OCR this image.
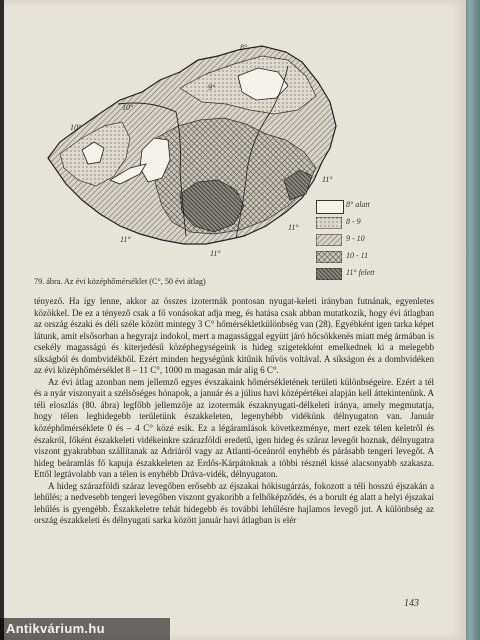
8°
10°
10°
9°
11°
11°
11°
11°
8° alatt
8 - 9
9 - 10
10 - 11
11° felett
79. ábra. Az évi középhőmérséklet (C°, 50 évi átlag)

tényező. Ha így lenne, akkor az összes izotermák pontosan nyugat-keleti irányban futnának, egyenletes közökkel. De ez a tényező csak a fő vonásokat adja meg, és hatása csak abban mutatkozik, hogy évi átlagban az ország északi és déli széle között mintegy 3 C° hőmérsékletkülönbség van (28). Egyébként igen tarka képet látunk, amit elsősorban a hegyrajz indokol, mert a magassággal együtt járó hőcsökkenés miatt még ármában is csekély magasságú és kiterjedésű középhegységeink is hideg szigetekként emelkednek ki a melegebb síkságból és dombvidékből. Ezért minden hegységünk kitűnik hűvös voltával. A síkságon és a dombvidéken az évi középhőmérséklet 8 – 11 C°, 1000 m magasan már alig 6 C°.

Az évi átlag azonban nem jellemző egyes évszakaink hőmérsékletének területi különbségeire. Ezért a tél és a nyár viszonyait a szélsőséges hónapok, a január és a július havi középértékei alapján kell áttekintenünk. A téli eloszlás (80. ábra) legfőbb jellemzője az izotermák északnyugati-délkeleti iránya, amely megmutatja, hogy télen leghidegebb területünk északkeleten, legenyhébb vidékünk délnyugaton van. Január középhőmérséklete 0 és – 4 C° közé esik. Ez a légáramlások következménye, mert ezek télen keletről és északról, főként északkeleti vidékeinkre szárazföldi eredetű, igen hideg és száraz levegőt hoznak, délnyugatra viszont gyakrabban szállítanak az Adriáról vagy az Atlanti-óceánról enyhébb és párásabb tengeri levegőt. A hideg beáramlás fő kapuja északkeleten az Erdős-Kárpátoknak a többi résznél kissé alacsonyabb szakasza. Ettől legtávolabb van a télen is enyhébb Dráva-vidék, délnyugaton.

A hideg szárazföldi száraz levegőben erősebb az éjszakai hókisugárzás, fokozott a téli hosszú éjszakán a lehűlés; a nedvesebb tengeri levegőben viszont gyakoribb a felhőképződés, és a borult ég alatt a helyi éjszakai lehűlés is gyengébb. Északkeletre tehát hidegebb és további lehűlésre hajlamos levegő jut. A különbség az ország északkeleti és délnyugati sarka között január havi átlagban is elér

143
Antikvárium.hu
